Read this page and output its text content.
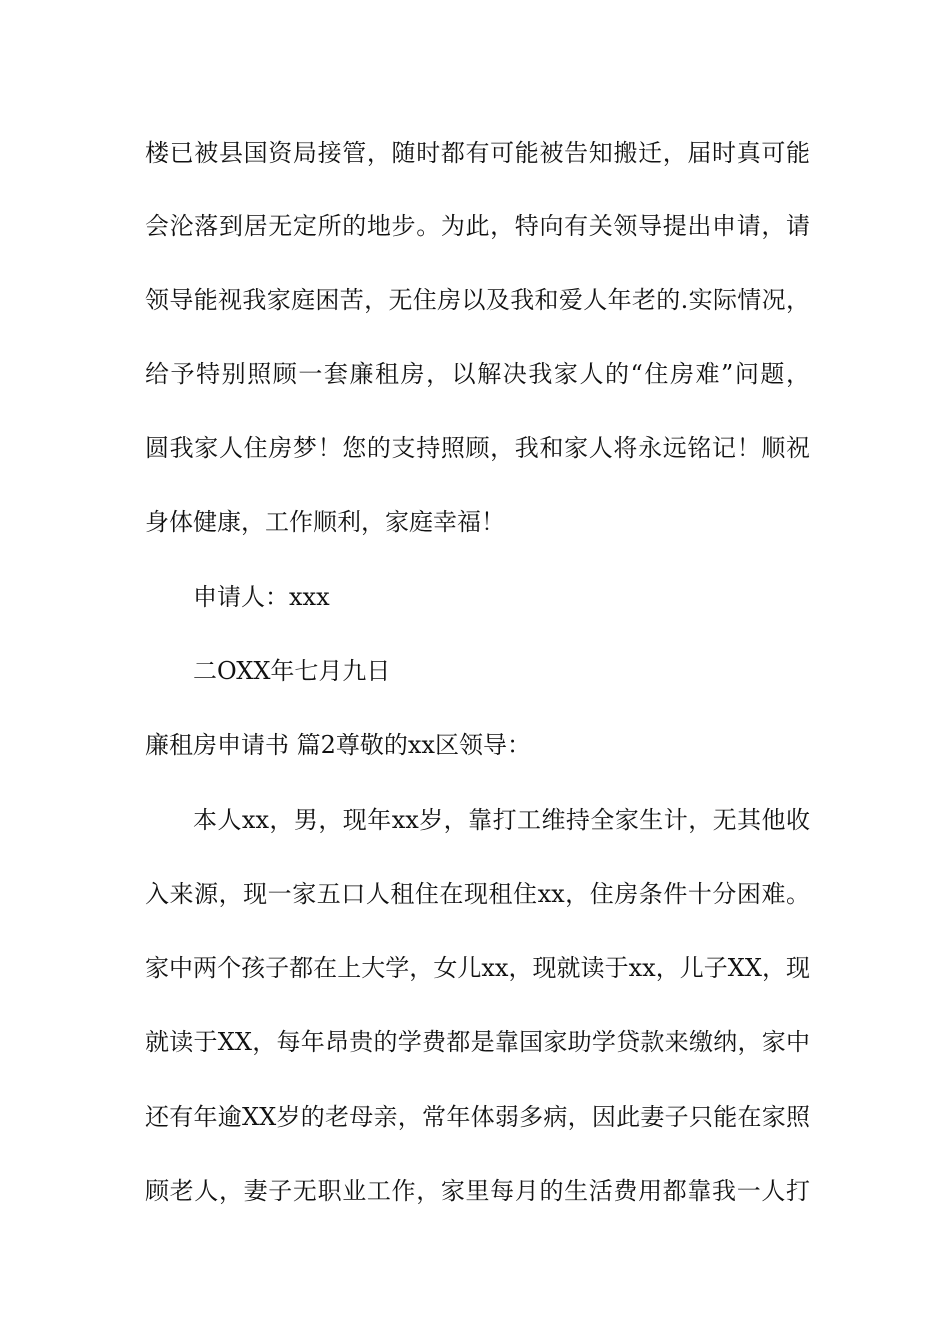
楼已被县国资局接管，随时都有可能被告知搬迁，届时真可能
会沦落到居无定所的地步。为此，特向有关领导提出申请，请
领导能视我家庭困苦，无住房以及我和爱人年老的.实际情况，
给予特别照顾一套廉租房，以解决我家人的“住房难”问题，
圆我家人住房梦！您的支持照顾，我和家人将永远铭记！顺祝
身体健康，工作顺利，家庭幸福！
申请人：xxx
二OXX年七月九日
廉租房申请书 篇2尊敬的xx区领导：
本人xx，男，现年xx岁，靠打工维持全家生计，无其他收
入来源，现一家五口人租住在现租住xx，住房条件十分困难。
家中两个孩子都在上大学，女儿xx，现就读于xx，儿子XX，现
就读于XX，每年昂贵的学费都是靠国家助学贷款来缴纳，家中
还有年逾XX岁的老母亲，常年体弱多病，因此妻子只能在家照
顾老人，妻子无职业工作，家里每月的生活费用都靠我一人打
